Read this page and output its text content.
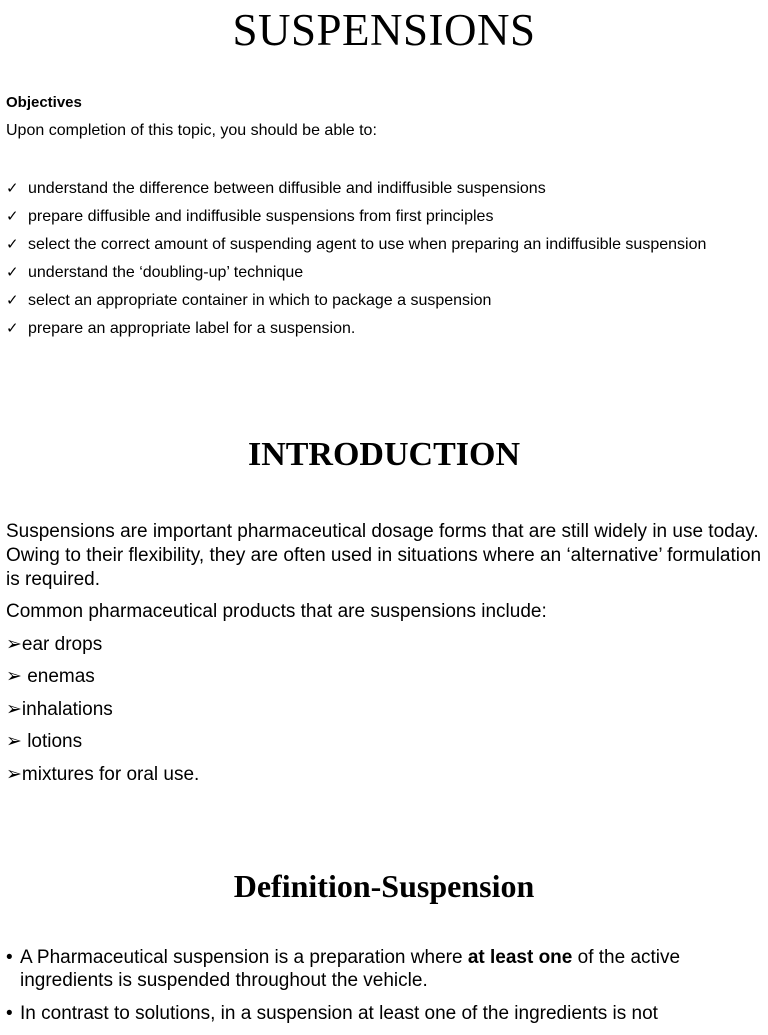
SUSPENSIONS
Objectives
Upon completion of this topic, you should be able to:
✓ understand the difference between diffusible and indiffusible suspensions
✓ prepare diffusible and indiffusible suspensions from first principles
✓ select the correct amount of suspending agent to use when preparing an indiffusible suspension
✓ understand the ‘doubling-up’ technique
✓ select an appropriate container in which to package a suspension
✓ prepare an appropriate label for a suspension.
INTRODUCTION

Suspensions are important pharmaceutical dosage forms that are still widely in use today. Owing to their flexibility, they are often used in situations where an ‘alternative’ formulation is required.

Common pharmaceutical products that are suspensions include:

➢ear drops
➢ enemas
➢inhalations
➢ lotions
➢mixtures for oral use.
Definition-Suspension
• A Pharmaceutical suspension is a preparation where at least one of the active ingredients is suspended throughout the vehicle.
• In contrast to solutions, in a suspension at least one of the ingredients is not
